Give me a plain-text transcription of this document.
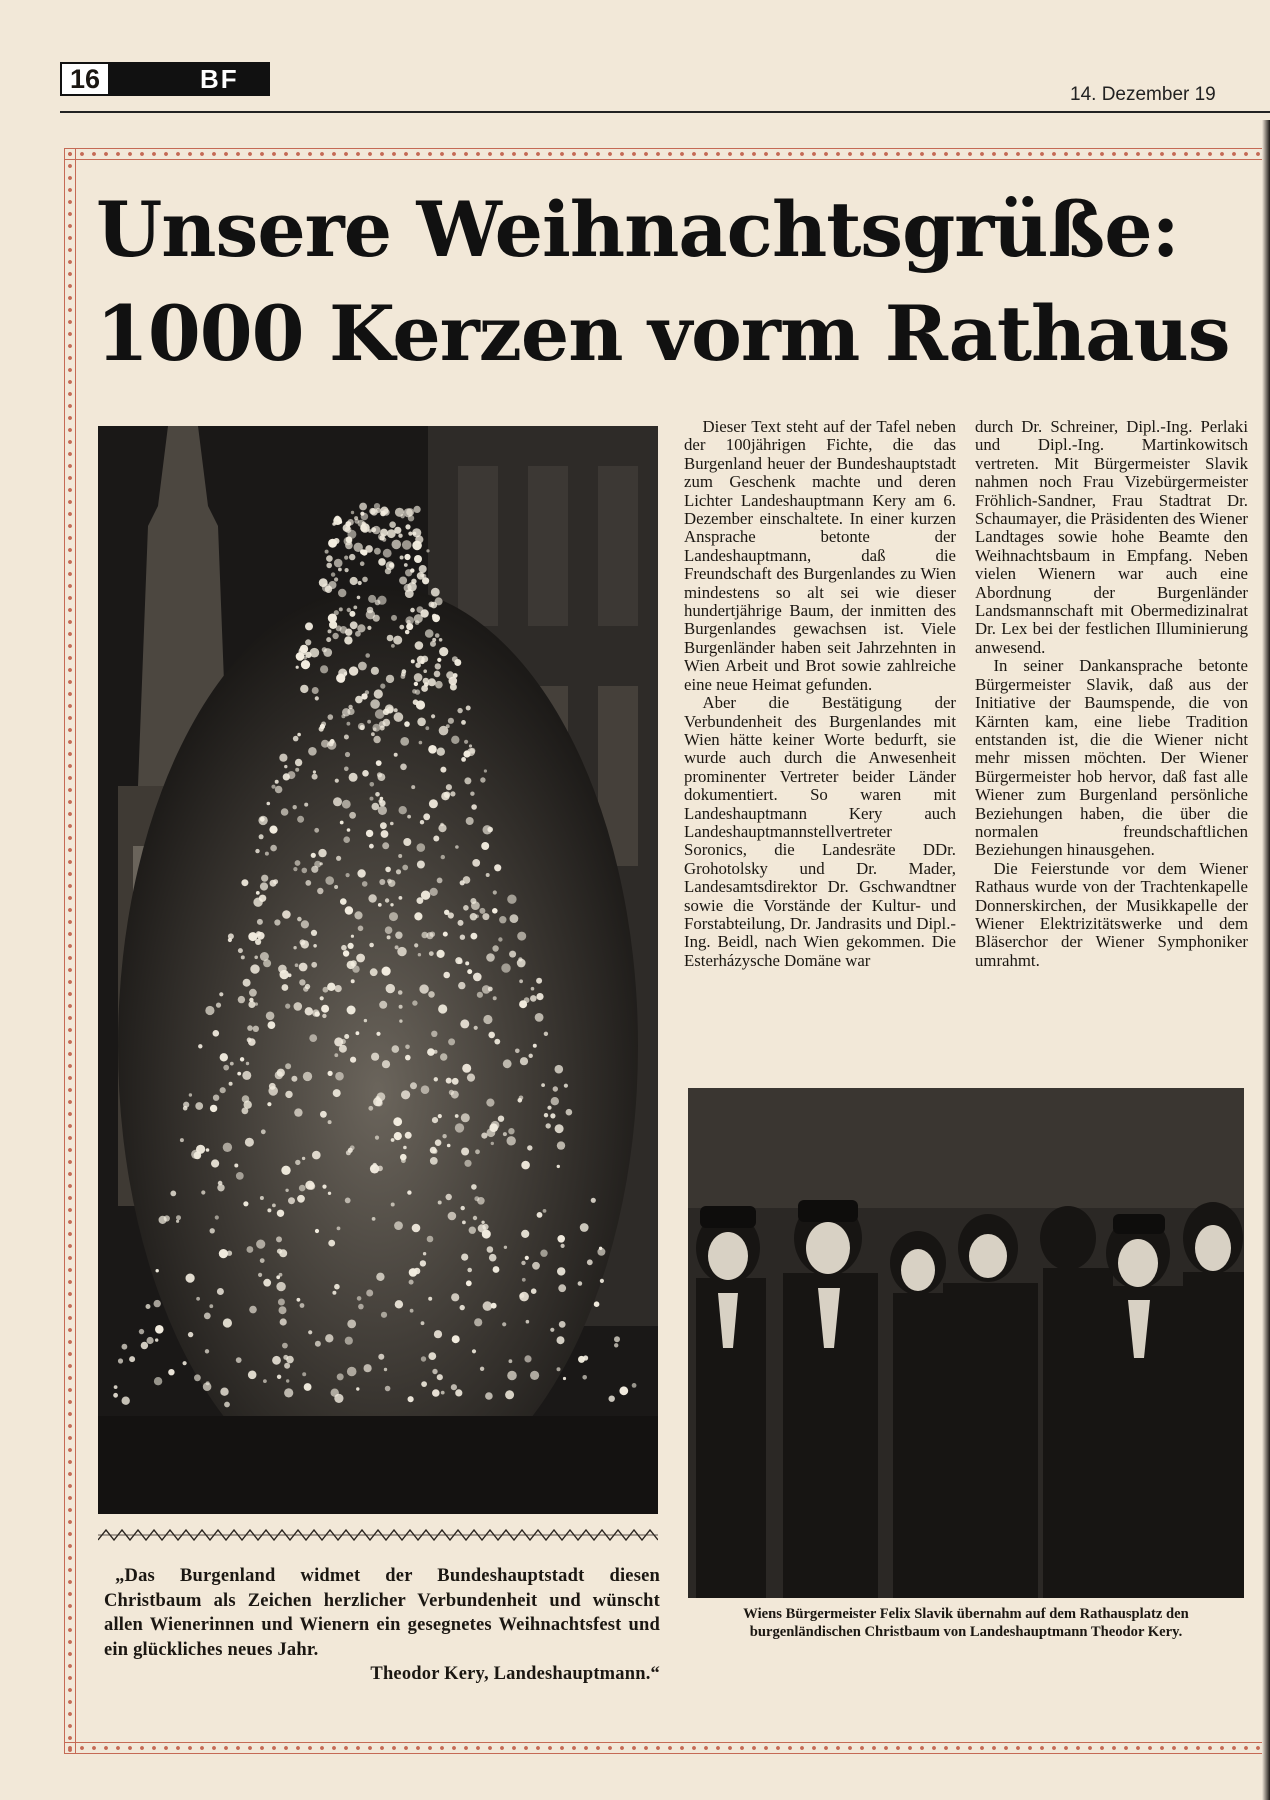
16	BF
14. Dezember 19
Unsere Weihnachtsgrüße:
1000 Kerzen vorm Rathaus

Dieser Text steht auf der Tafel neben der 100jährigen Fichte, die das Burgenland heuer der Bundeshauptstadt zum Geschenk machte und deren Lichter Landeshauptmann Kery am 6. Dezember einschaltete. In einer kurzen Ansprache betonte der Landeshauptmann, daß die Freundschaft des Burgenlandes zu Wien mindestens so alt sei wie dieser hundertjährige Baum, der inmitten des Burgenlandes gewachsen ist. Viele Burgenländer haben seit Jahrzehnten in Wien Arbeit und Brot sowie zahlreiche eine neue Heimat gefunden.

Aber die Bestätigung der Verbundenheit des Burgenlandes mit Wien hätte keiner Worte bedurft, sie wurde auch durch die Anwesenheit prominenter Vertreter beider Länder dokumentiert. So waren mit Landeshauptmann Kery auch Landeshauptmannstellvertreter Soronics, die Landesräte DDr. Grohotolsky und Dr. Mader, Landesamtsdirektor Dr. Gschwandtner sowie die Vorstände der Kultur- und Forstabteilung, Dr. Jandrasits und Dipl.-Ing. Beidl, nach Wien gekommen. Die Esterházysche Domäne war

durch Dr. Schreiner, Dipl.-Ing. Perlaki und Dipl.-Ing. Martinkowitsch vertreten. Mit Bürgermeister Slavik nahmen noch Frau Vizebürgermeister Fröhlich-Sandner, Frau Stadtrat Dr. Schaumayer, die Präsidenten des Wiener Landtages sowie hohe Beamte den Weihnachtsbaum in Empfang. Neben vielen Wienern war auch eine Abordnung der Burgenländer Landsmannschaft mit Obermedizinalrat Dr. Lex bei der festlichen Illuminierung anwesend.

In seiner Dankansprache betonte Bürgermeister Slavik, daß aus der Initiative der Baumspende, die von Kärnten kam, eine liebe Tradition entstanden ist, die die Wiener nicht mehr missen möchten. Der Wiener Bürgermeister hob hervor, daß fast alle Wiener zum Burgenland persönliche Beziehungen haben, die über die normalen freundschaftlichen Beziehungen hinausgehen.

Die Feierstunde vor dem Wiener Rathaus wurde von der Trachtenkapelle Donnerskirchen, der Musikkapelle der Wiener Elektrizitätswerke und dem Bläserchor der Wiener Symphoniker umrahmt.

„Das Burgenland widmet der Bundeshauptstadt diesen Christbaum als Zeichen herzlicher Verbundenheit und wünscht allen Wienerinnen und Wienern ein gesegnetes Weihnachtsfest und ein glückliches neues Jahr.

Theodor Kery, Landeshauptmann.“
Wiens Bürgermeister Felix Slavik übernahm auf dem Rathausplatz den burgenländischen Christbaum von Landeshauptmann Theodor Kery.
